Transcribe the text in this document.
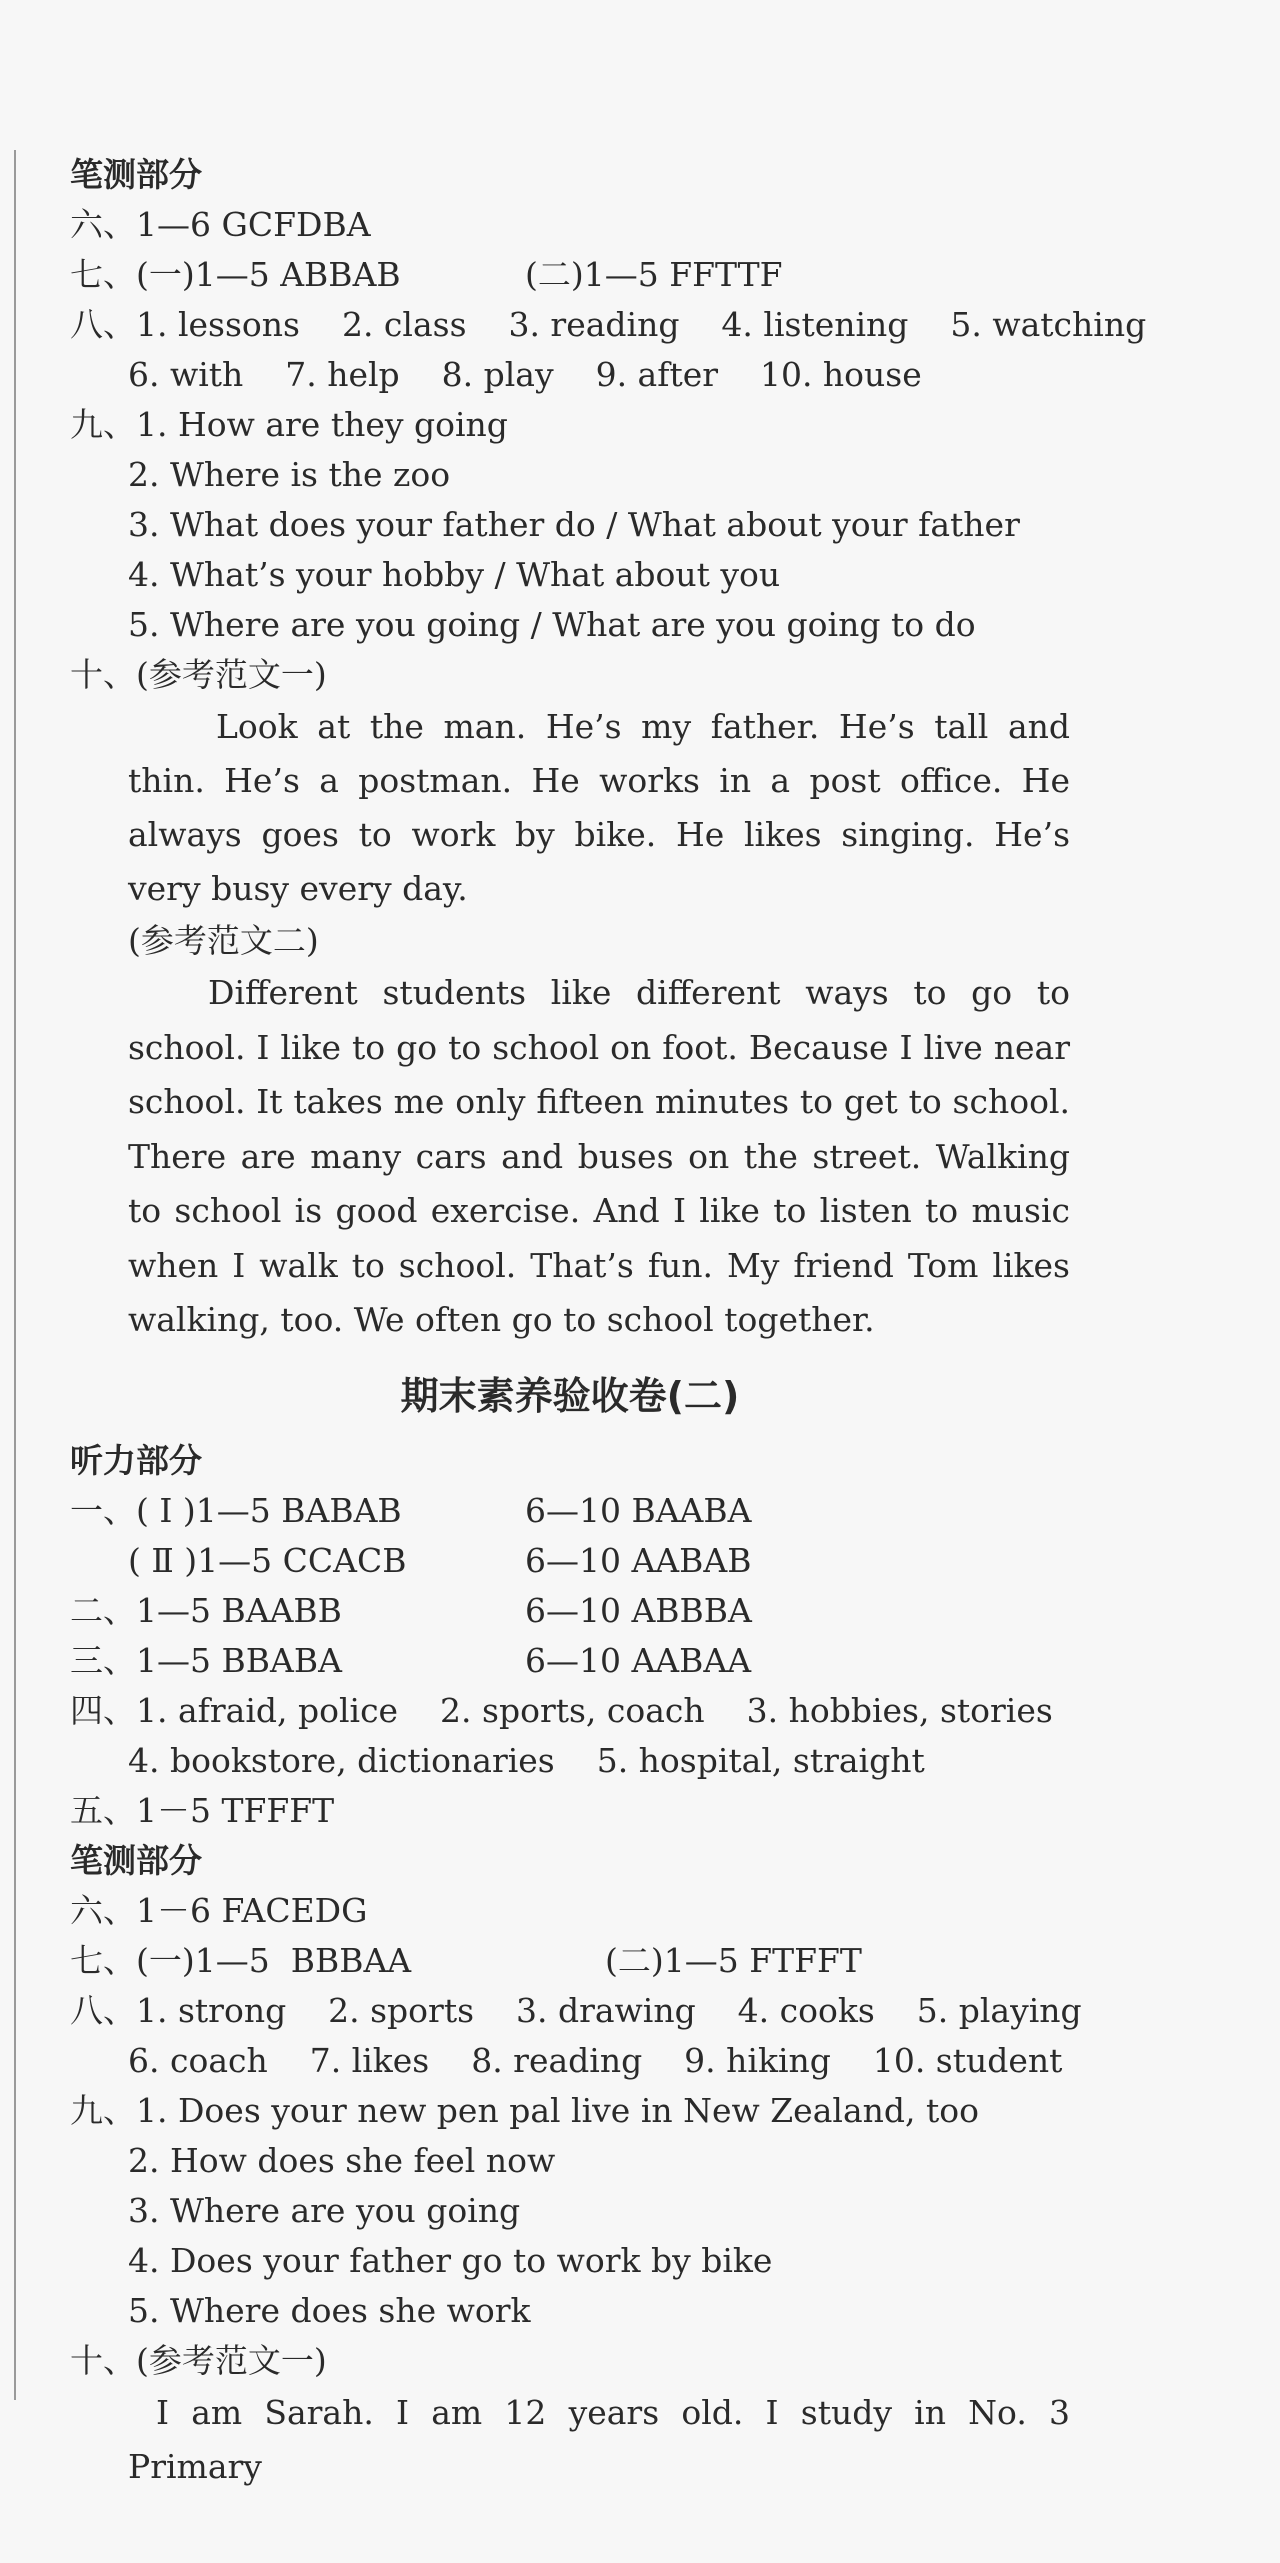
笔测部分
六、1—6 GCFDBA
七、(一)1—5 ABBAB	(二)1—5 FFTTF
八、1. lessons    2. class    3. reading    4. listening    5. watching
6. with    7. help    8. play    9. after    10. house
九、1. How are they going
2. Where is the zoo
3. What does your father do / What about your father
4. What’s your hobby / What about you
5. Where are you going / What are you going to do
十、(参考范文一)

Look at the man. He’s my father. He’s tall and thin. He’s a postman. He works in a post office. He always goes to work by bike. He likes singing. He’s very busy every day.

(参考范文二)

Different students like different ways to go to school. I like to go to school on foot. Because I live near school. It takes me only fifteen minutes to get to school. There are many cars and buses on the street. Walking to school is good exercise. And I like to listen to music when I walk to school. That’s fun. My friend Tom likes walking, too. We often go to school together.

期末素养验收卷(二)
听力部分
一、( Ⅰ )1—5 BABAB	6—10 BAABA
( Ⅱ )1—5 CCACB	6—10 AABAB
二、1—5 BAABB	6—10 ABBBA
三、1—5 BBABA	6—10 AABAA
四、1. afraid, police    2. sports, coach    3. hobbies, stories
4. bookstore, dictionaries    5. hospital, straight
五、1－5 TFFFT
笔测部分
六、1－6 FACEDG
七、(一)1—5  BBBAA	(二)1—5 FTFFT
八、1. strong    2. sports    3. drawing    4. cooks    5. playing
6. coach    7. likes    8. reading    9. hiking    10. student
九、1. Does your new pen pal live in New Zealand, too
2. How does she feel now
3. Where are you going
4. Does your father go to work by bike
5. Where does she work
十、(参考范文一)

I am Sarah. I am 12 years old. I study in No. 3 Primary
